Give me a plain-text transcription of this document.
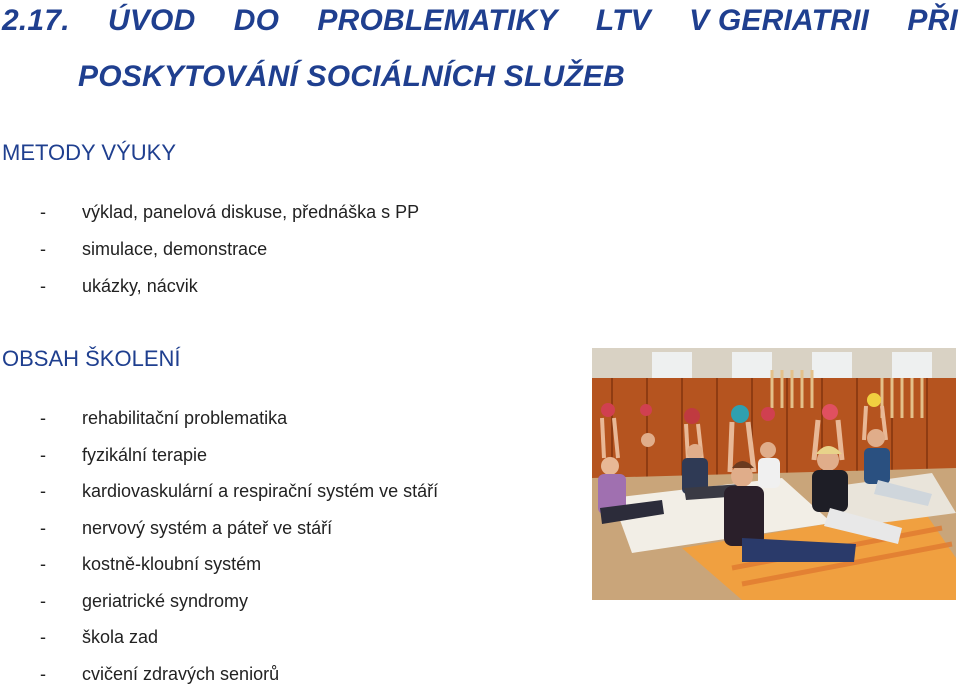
2.17. ÚVOD DO PROBLEMATIKY LTV V GERIATRII PŘI
POSKYTOVÁNÍ SOCIÁLNÍCH SLUŽEB
METODY VÝUKY
- výklad, panelová diskuse, přednáška s PP
- simulace, demonstrace
- ukázky, nácvik
OBSAH ŠKOLENÍ
- rehabilitační problematika
- fyzikální terapie
- kardiovaskulární a respirační systém ve stáří
- nervový systém a páteř ve stáří
- kostně-kloubní systém
- geriatrické syndromy
- škola zad
- cvičení zdravých seniorů
